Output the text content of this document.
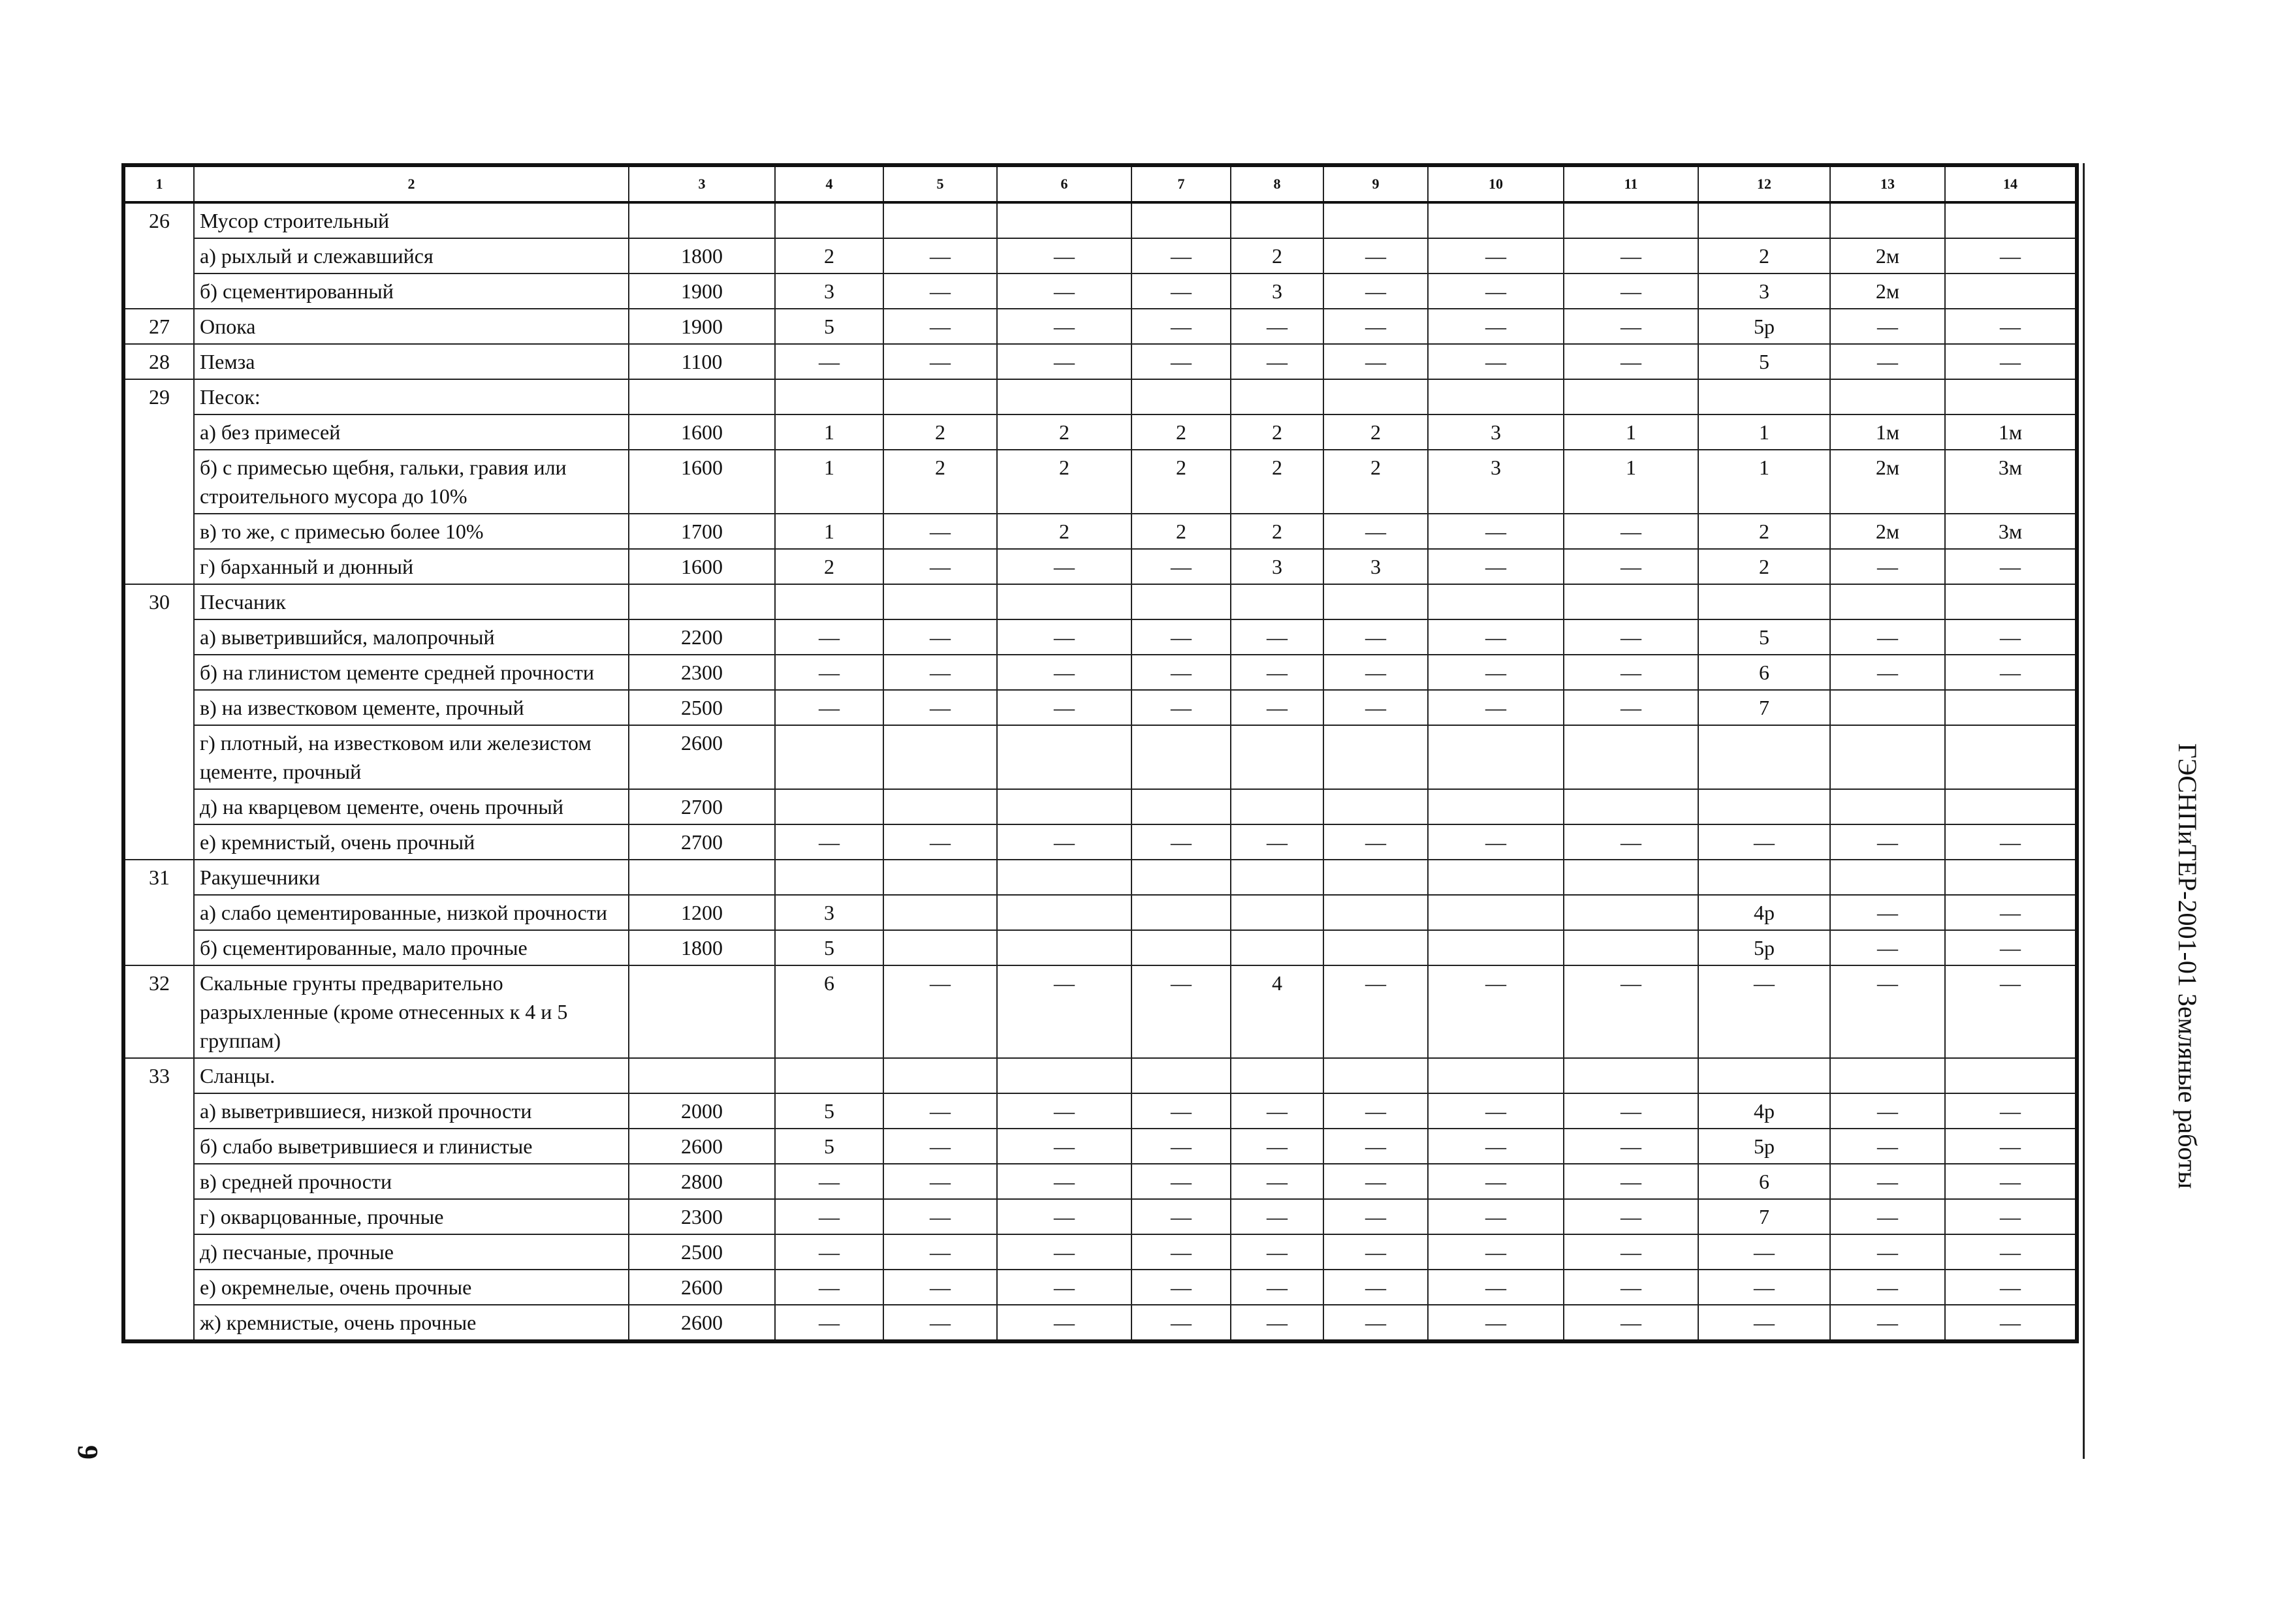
1	2	3	4	5	6	7	8	9	10	11	12	13	14
26	Мусор строительный												
	а) рыхлый и слежавшийся	1800	2	—	—	—	2	—	—	—	2	2м	—
	б) сцементированный	1900	3	—	—	—	3	—	—	—	3	2м	
27	Опока	1900	5	—	—	—	—	—	—	—	5р	—	—
28	Пемза	1100	—	—	—	—	—	—	—	—	5	—	—
29	Песок:												
	а) без примесей	1600	1	2	2	2	2	2	3	1	1	1м	1м
	б) с примесью щебня, гальки, гравия или строительного мусора до 10%	1600	1	2	2	2	2	2	3	1	1	2м	3м
	в) то же, с примесью более 10%	1700	1	—	2	2	2	—	—	—	2	2м	3м
	г) барханный и дюнный	1600	2	—	—	—	3	3	—	—	2	—	—
30	Песчаник												
	а) выветрившийся, малопрочный	2200	—	—	—	—	—	—	—	—	5	—	—
	б) на глинистом цементе средней прочности	2300	—	—	—	—	—	—	—	—	6	—	—
	в) на известковом цементе, прочный	2500	—	—	—	—	—	—	—	—	7		
	г) плотный, на известковом или железистом цементе, прочный	2600											
	д) на кварцевом цементе, очень прочный	2700											
	е) кремнистый, очень прочный	2700	—	—	—	—	—	—	—	—	—	—	—
31	Ракушечники												
	а) слабо цементированные, низкой прочности	1200	3								4р	—	—
	б) сцементированные, мало прочные	1800	5								5р	—	—
32	Скальные грунты предварительно разрыхленные (кроме отнесенных к 4 и 5 группам)		6	—	—	—	4	—	—	—	—	—	—
33	Сланцы.												
	а) выветрившиеся, низкой прочности	2000	5	—	—	—	—	—	—	—	4р	—	—
	б) слабо выветрившиеся и глинистые	2600	5	—	—	—	—	—	—	—	5р	—	—
	в) средней прочности	2800	—	—	—	—	—	—	—	—	6	—	—
	г) окварцованные, прочные	2300	—	—	—	—	—	—	—	—	7	—	—
	д) песчаные, прочные	2500	—	—	—	—	—	—	—	—	—	—	—
	е) окремнелые, очень прочные	2600	—	—	—	—	—	—	—	—	—	—	—
	ж) кремнистые, очень прочные	2600	—	—	—	—	—	—	—	—	—	—	—
ГЭСНПиТЕР-2001-01 Земляные работы
9
